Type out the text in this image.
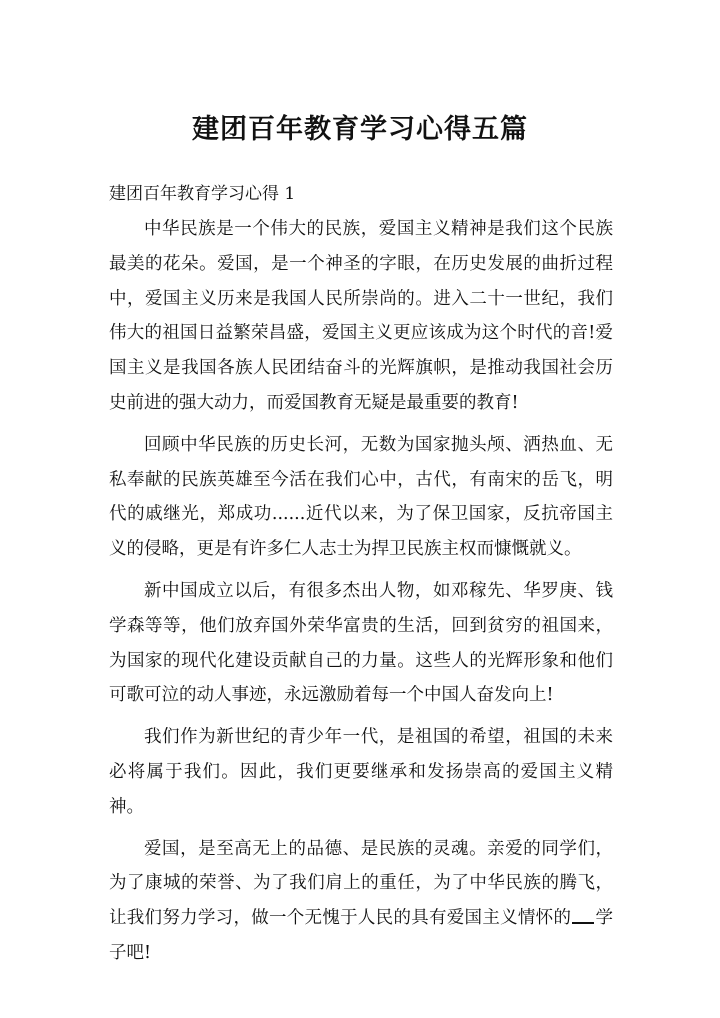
建团百年教育学习心得五篇
建团百年教育学习心得 1

中华民族是一个伟大的民族，爱国主义精神是我们这个民族最美的花朵。爱国，是一个神圣的字眼，在历史发展的曲折过程中，爱国主义历来是我国人民所崇尚的。进入二十一世纪，我们伟大的祖国日益繁荣昌盛，爱国主义更应该成为这个时代的音!爱国主义是我国各族人民团结奋斗的光辉旗帜，是推动我国社会历史前进的强大动力，而爱国教育无疑是最重要的教育!

回顾中华民族的历史长河，无数为国家抛头颅、洒热血、无私奉献的民族英雄至今活在我们心中，古代，有南宋的岳飞，明代的戚继光，郑成功......近代以来，为了保卫国家，反抗帝国主义的侵略，更是有许多仁人志士为捍卫民族主权而慷慨就义。

新中国成立以后，有很多杰出人物，如邓稼先、华罗庚、钱学森等等，他们放弃国外荣华富贵的生活，回到贫穷的祖国来，为国家的现代化建设贡献自己的力量。这些人的光辉形象和他们可歌可泣的动人事迹，永远激励着每一个中国人奋发向上!

我们作为新世纪的青少年一代，是祖国的希望，祖国的未来必将属于我们。因此，我们更要继承和发扬崇高的爱国主义精神。

爱国，是至高无上的品德、是民族的灵魂。亲爱的同学们，为了康城的荣誉、为了我们肩上的重任，为了中华民族的腾飞，让我们努力学习，做一个无愧于人民的具有爱国主义情怀的 学子吧!
